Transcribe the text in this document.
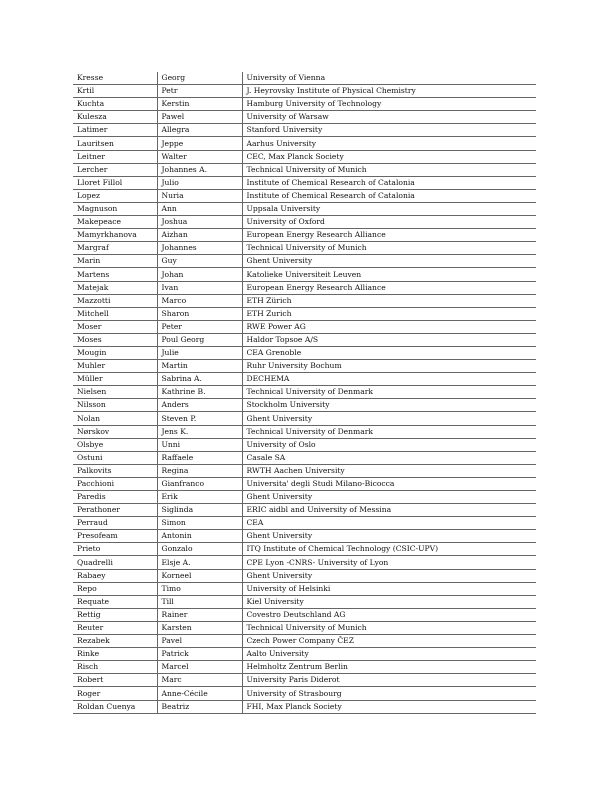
Kresse	Georg	University of Vienna
Krtil	Petr	J. Heyrovsky Institute of Physical Chemistry
Kuchta	Kerstin	Hamburg University of Technology
Kulesza	Pawel	University of Warsaw
Latimer	Allegra	Stanford University
Lauritsen	Jeppe	Aarhus University
Leitner	Walter	CEC, Max Planck Society
Lercher	Johannes A.	Technical University of Munich
Lloret Fillol	Julio	Institute of Chemical Research of Catalonia
Lopez	Nuria	Institute of Chemical Research of Catalonia
Magnuson	Ann	Uppsala University
Makepeace	Joshua	University of Oxford
Mamyrkhanova	Aizhan	European Energy Research Alliance
Margraf	Johannes	Technical University of Munich
Marin	Guy	Ghent University
Martens	Johan	Katolieke Universiteit Leuven
Matejak	Ivan	European Energy Research Alliance
Mazzotti	Marco	ETH Zürich
Mitchell	Sharon	ETH Zurich
Moser	Peter	RWE Power AG
Moses	Poul Georg	Haldor Topsoe A/S
Mougin	Julie	CEA Grenoble
Muhler	Martin	Ruhr University Bochum
Müller	Sabrina A.	DECHEMA
Nielsen	Kathrine B.	Technical University of Denmark
Nilsson	Anders	Stockholm University
Nolan	Steven P.	Ghent University
Nørskov	Jens K.	Technical University of Denmark
Olsbye	Unni	University of Oslo
Ostuni	Raffaele	Casale SA
Palkovits	Regina	RWTH Aachen University
Pacchioni	Gianfranco	Universita' degli Studi Milano-Bicocca
Paredis	Erik	Ghent University
Perathoner	Siglinda	ERIC aidbl and University of Messina
Perraud	Simon	CEA
Presofeam	Antonin	Ghent University
Prieto	Gonzalo	ITQ Institute of Chemical Technology (CSIC-UPV)
Quadrelli	Elsje A.	CPE Lyon -CNRS- University of Lyon
Rabaey	Korneel	Ghent University
Repo	Timo	University of Helsinki
Requate	Till	Kiel University
Rettig	Rainer	Covestro Deutschland AG
Reuter	Karsten	Technical University of Munich
Rezabek	Pavel	Czech Power Company ČEZ
Rinke	Patrick	Aalto University
Risch	Marcel	Helmholtz Zentrum Berlin
Robert	Marc	University Paris Diderot
Roger	Anne-Cécile	University of Strasbourg
Roldan Cuenya	Beatriz	FHI, Max Planck Society
